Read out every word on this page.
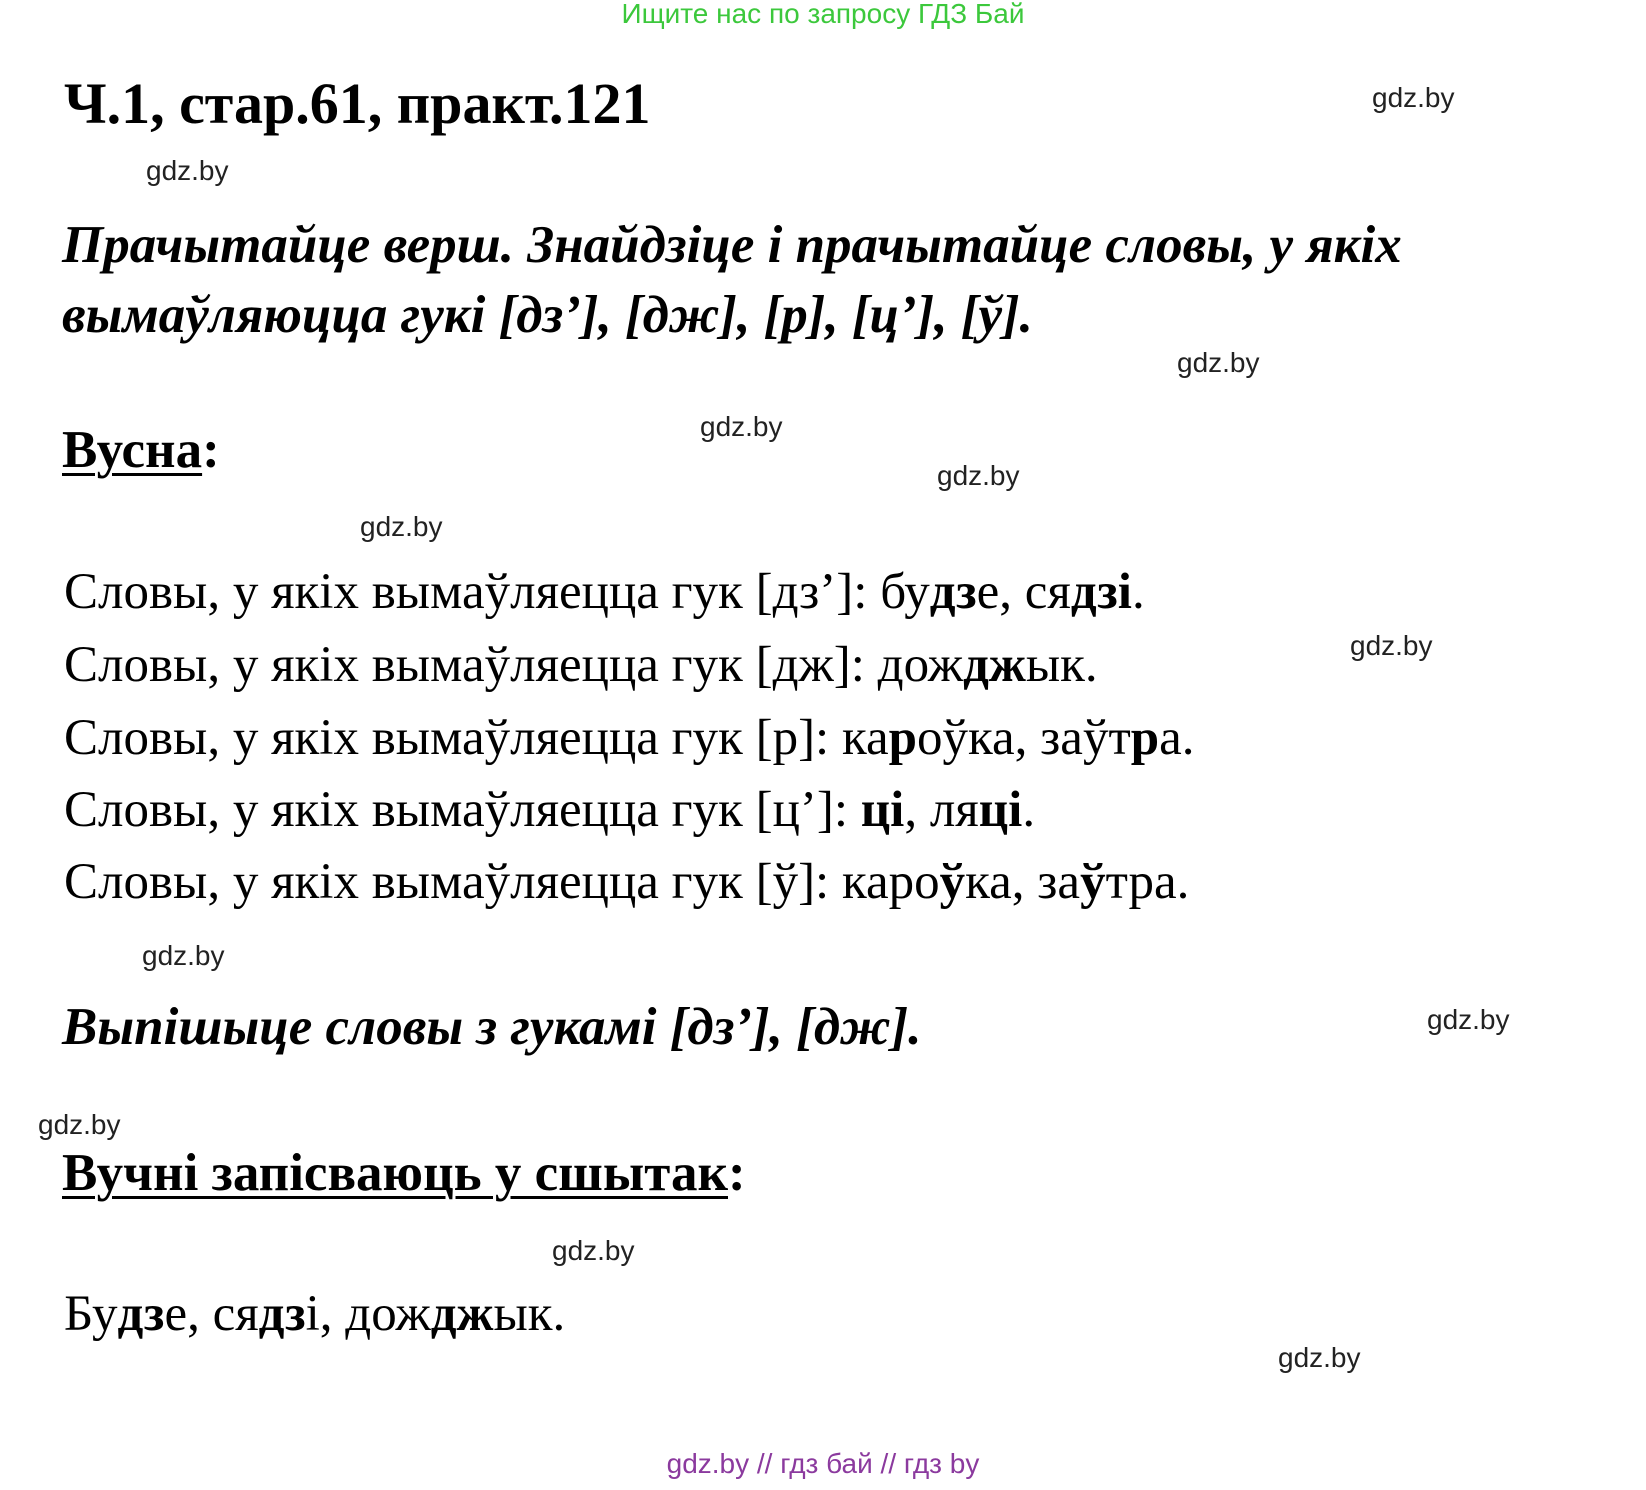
Ищите нас по запросу ГДЗ Бай
Ч.1, стар.61, практ.121
Прачытайце верш. Знайдзіце і прачытайце словы, у якіх
вымаўляюцца гукі [дз’], [дж], [р], [ц’], [ў].
Вусна:
Словы, у якіх вымаўляецца гук [дз’]: будзе, сядзі.
Словы, у якіх вымаўляецца гук [дж]: дожджык.
Словы, у якіх вымаўляецца гук [р]: кароўка, заўтра.
Словы, у якіх вымаўляецца гук [ц’]: ці, ляці.
Словы, у якіх вымаўляецца гук [ў]: кароўка, заўтра.
Выпішыце словы з гукамі [дз’], [дж].
Вучні запісваюць у сшытак:
Будзе, сядзі, дожджык.
gdz.by
gdz.by
gdz.by
gdz.by
gdz.by
gdz.by
gdz.by
gdz.by
gdz.by
gdz.by
gdz.by
gdz.by
gdz.by // гдз бай // гдз by
